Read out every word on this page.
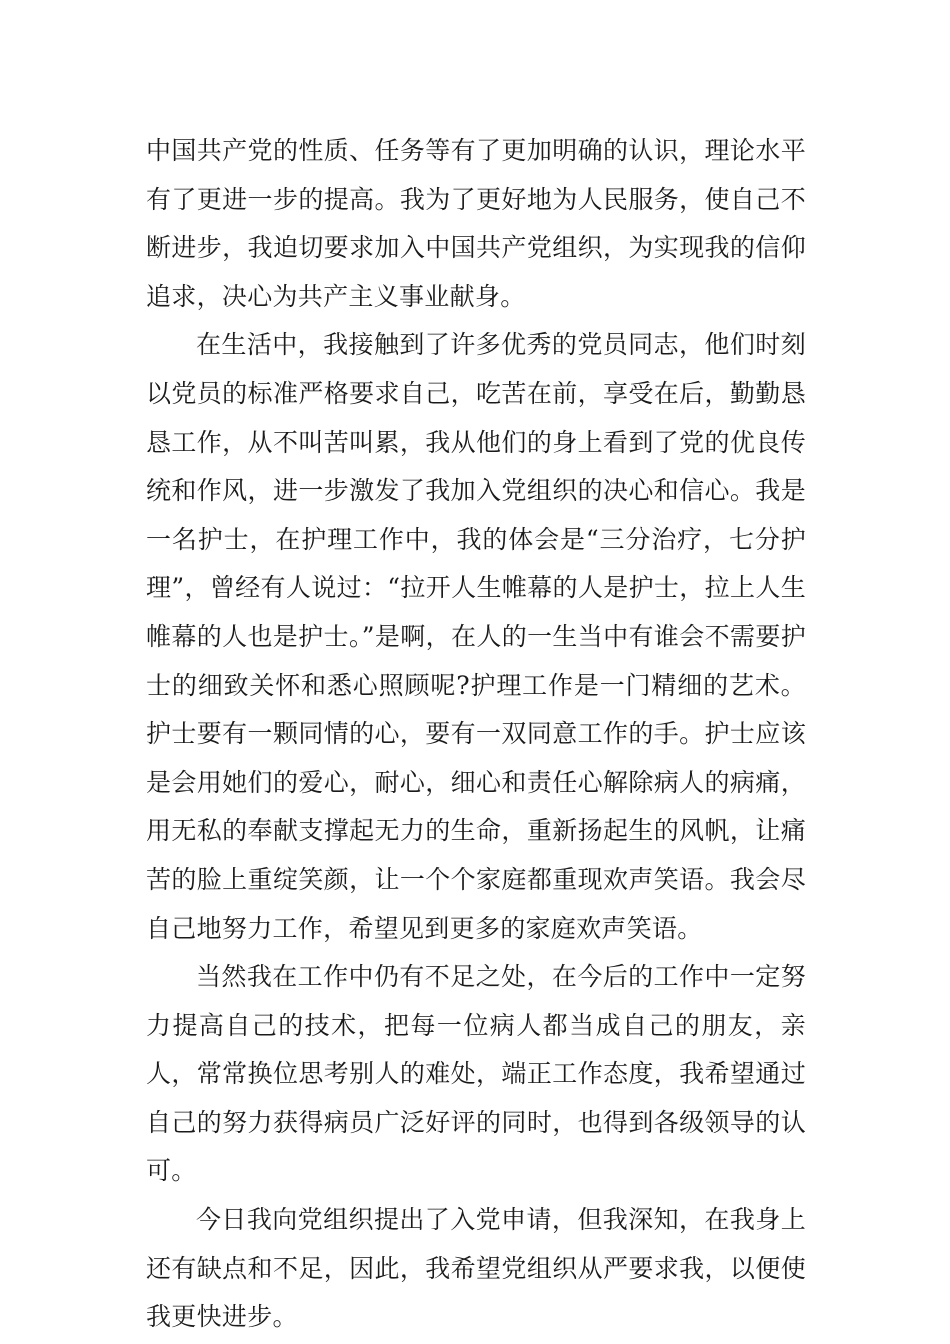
中国共产党的性质、任务等有了更加明确的认识，理论水平有了更进一步的提高。我为了更好地为人民服务，使自己不断进步，我迫切要求加入中国共产党组织，为实现我的信仰追求，决心为共产主义事业献身。

在生活中，我接触到了许多优秀的党员同志，他们时刻以党员的标准严格要求自己，吃苦在前，享受在后，勤勤恳恳工作，从不叫苦叫累，我从他们的身上看到了党的优良传统和作风，进一步激发了我加入党组织的决心和信心。我是一名护士，在护理工作中，我的体会是“三分治疗，七分护理”，曾经有人说过：“拉开人生帷幕的人是护士，拉上人生帷幕的人也是护士。”是啊，在人的一生当中有谁会不需要护士的细致关怀和悉心照顾呢?护理工作是一门精细的艺术。护士要有一颗同情的心，要有一双同意工作的手。护士应该是会用她们的爱心，耐心，细心和责任心解除病人的病痛，用无私的奉献支撑起无力的生命，重新扬起生的风帆，让痛苦的脸上重绽笑颜，让一个个家庭都重现欢声笑语。我会尽自己地努力工作，希望见到更多的家庭欢声笑语。

当然我在工作中仍有不足之处，在今后的工作中一定努力提高自己的技术，把每一位病人都当成自己的朋友，亲人，常常换位思考别人的难处，端正工作态度，我希望通过自己的努力获得病员广泛好评的同时，也得到各级领导的认可。

今日我向党组织提出了入党申请，但我深知，在我身上还有缺点和不足，因此，我希望党组织从严要求我，以便使我更快进步。
